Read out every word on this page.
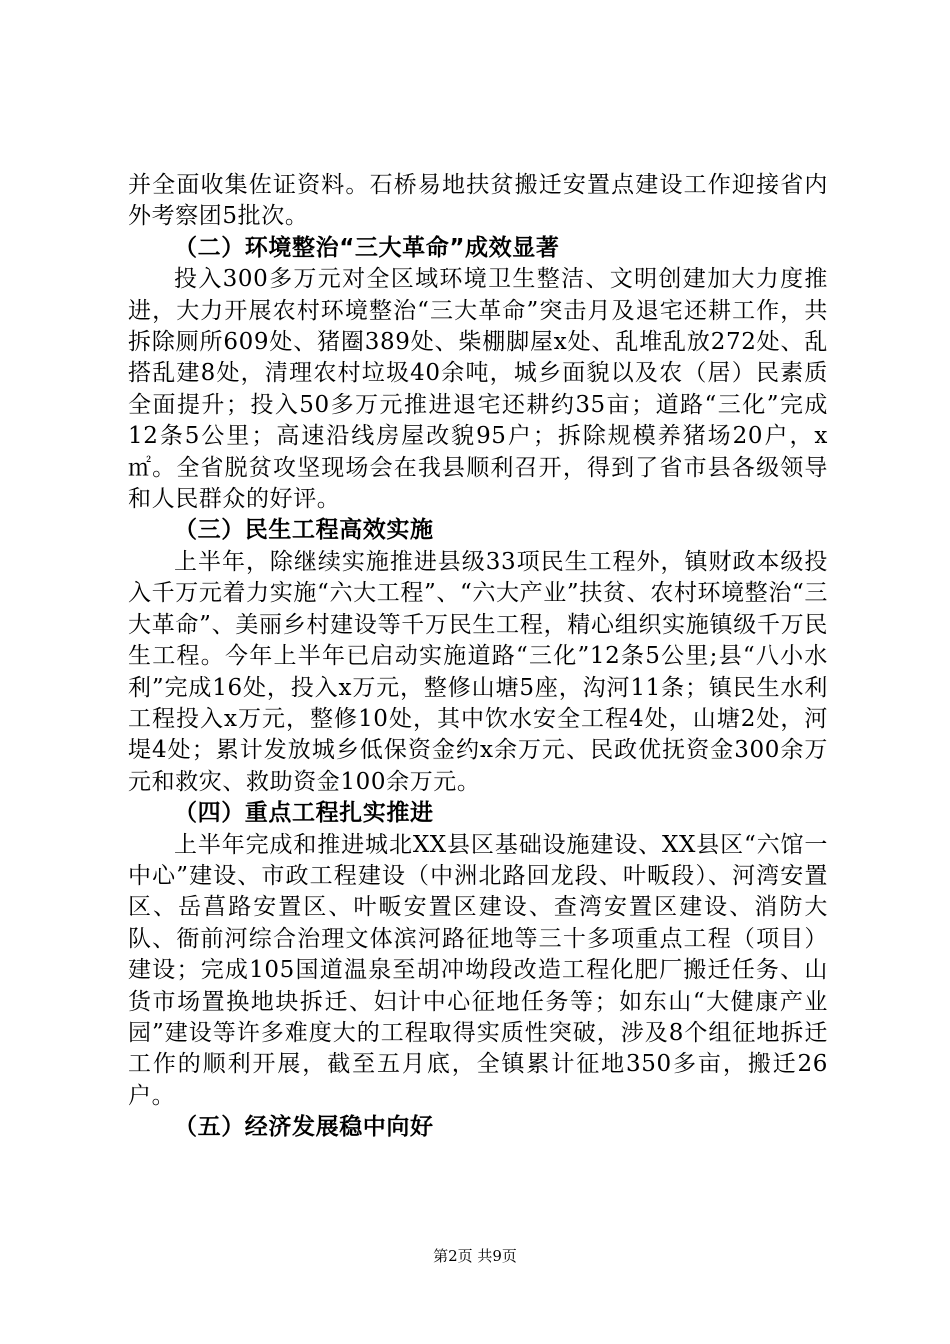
并全面收集佐证资料。石桥易地扶贫搬迁安置点建设工作迎接省内外考察团5批次。

（二）环境整治“三大革命”成效显著

投入300多万元对全区域环境卫生整洁、文明创建加大力度推进，大力开展农村环境整治“三大革命”突击月及退宅还耕工作，共拆除厕所609处、猪圈389处、柴棚脚屋x处、乱堆乱放272处、乱搭乱建8处，清理农村垃圾40余吨，城乡面貌以及农（居）民素质全面提升；投入50多万元推进退宅还耕约35亩；道路“三化”完成12条5公里；高速沿线房屋改貌95户；拆除规模养猪场20户，x㎡。全省脱贫攻坚现场会在我县顺利召开，得到了省市县各级领导和人民群众的好评。

（三）民生工程高效实施

上半年，除继续实施推进县级33项民生工程外，镇财政本级投入千万元着力实施“六大工程”、“六大产业”扶贫、农村环境整治“三大革命”、美丽乡村建设等千万民生工程，精心组织实施镇级千万民生工程。今年上半年已启动实施道路“三化”12条5公里;县“八小水利”完成16处，投入x万元，整修山塘5座，沟河11条；镇民生水利工程投入x万元，整修10处，其中饮水安全工程4处，山塘2处，河堤4处；累计发放城乡低保资金约x余万元、民政优抚资金300余万元和救灾、救助资金100余万元。

（四）重点工程扎实推进

上半年完成和推进城北XX县区基础设施建设、XX县区“六馆一中心”建设、市政工程建设（中洲北路回龙段、叶畈段）、河湾安置区、岳菖路安置区、叶畈安置区建设、查湾安置区建设、消防大队、衙前河综合治理文体滨河路征地等三十多项重点工程（项目）建设；完成105国道温泉至胡冲坳段改造工程化肥厂搬迁任务、山货市场置换地块拆迁、妇计中心征地任务等；如东山“大健康产业园”建设等许多难度大的工程取得实质性突破，涉及8个组征地拆迁工作的顺利开展，截至五月底，全镇累计征地350多亩，搬迁26户。

（五）经济发展稳中向好

第2页 共9页
